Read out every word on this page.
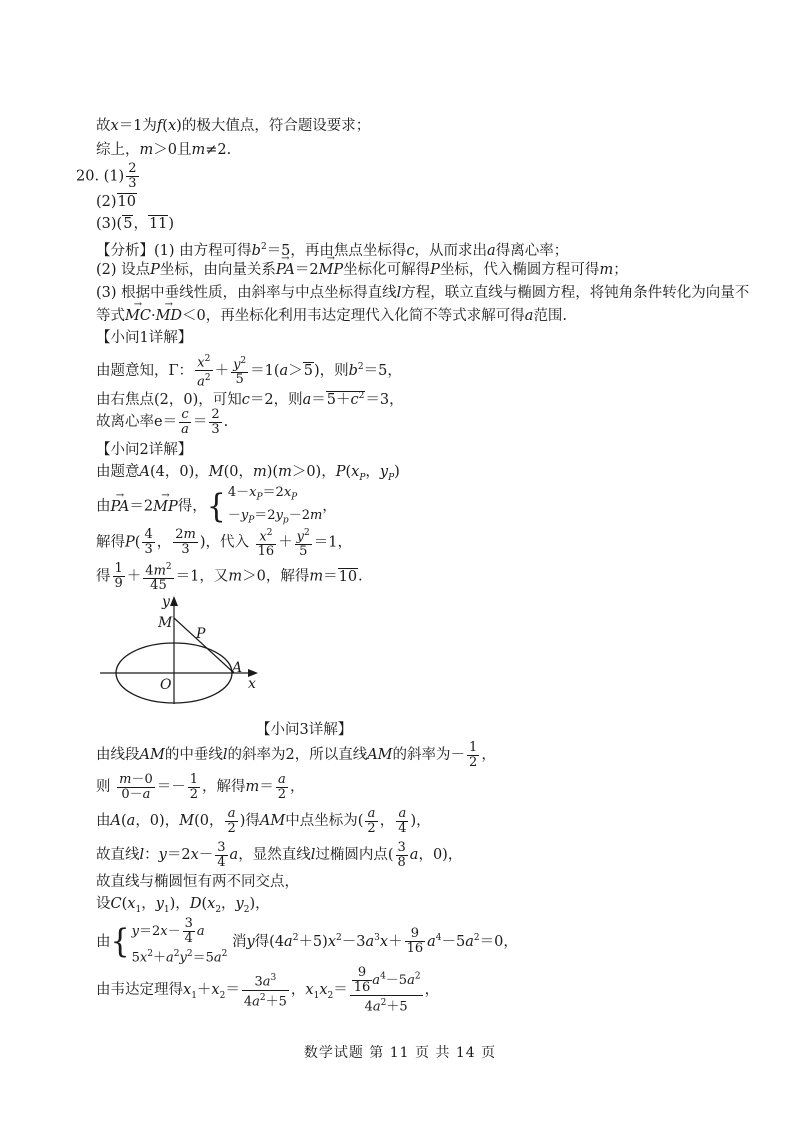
故x＝1为f(x)的极大值点，符合题设要求；
综上，m＞0且m≠2.
20. $(1) \frac{2}{3}$
(2)10
(3)(5，11)
【分析】(1) 由方程可得$b^2=5$，再由焦点坐标得c，从而求出a得离心率；
(2) 设点P坐标，由向量关系→ PA＝2→ MP坐标化可解得P坐标，代入椭圆方程可得m；
(3) 根据中垂线性质，由斜率与中点坐标得直线l方程，联立直线与椭圆方程，将钝角条件转化为向量不
等式→ MC·→ MD＜0，再坐标化利用韦达定理代入化简不等式求解可得a范围.
【小问1详解】
由题意知，Γ： $\frac{x^2}{a^2} + \frac{y^2}{5} =1(a>5)$，则$b^2=5$，
由右焦点(2，0)，可知c＝2，则$a=5+c^2=3$，
故离心率$e= \frac{c}{a} = \frac{2}{3}$ .
【小问2详解】
由题意A(4，0)，M(0，m)(m＞0)，$P(x_P$，$y_P$)
由→ PA＝2→ MP得，{ $4-x_P=2x_P$
$-y_P=2y_p-2m$
，
解得$P( \frac{4}{3}$ ， $\frac{2m}{3}$ )，代入 $\frac{x^2}{16} + \frac{y^2}{5} =1$，
得 $\frac{1}{9} + \frac{4m^2}{45} =1$，又m＞0，解得m＝10.
y
x
O
M
P
A
【小问3详解】
由线段AM的中垂线l的斜率为2，所以直线AM的斜率为－ $\frac{1}{2}$ ，
则 $\frac{m-0}{0-a} =- \frac{1}{2}$ ，解得$m= \frac{a}{2}$ ，
由A(a，0)，M(0， $\frac{a}{2}$ )得AM中点坐标为( $\frac{a}{2}$ ， $\frac{a}{4}$ )，
故直线l：$y=2x- \frac{3}{4}$ a，显然直线l过椭圆内点( $\frac{3}{8}$ a，0)，
故直线与椭圆恒有两不同交点，
设$C(x_1$，$y_1$)，$D(x_2$，$y_2$)，
由{ $y=2x- \frac{3}{4}$ a
$5x^2+a^2y^2=5a^2$
消y得$(4a^2+5)x^2-3a^3x+ \frac{9}{16} a^4-5a^2=0$，
由韦达定理得$x_1+x_2= \frac{3a^3}{4a^2+5}$ ，$x_1x_2= \frac{\frac{9}{16} a^4-5a^2}{4a^2+5}$ ，
数学试题 第 11 页 共 14 页
